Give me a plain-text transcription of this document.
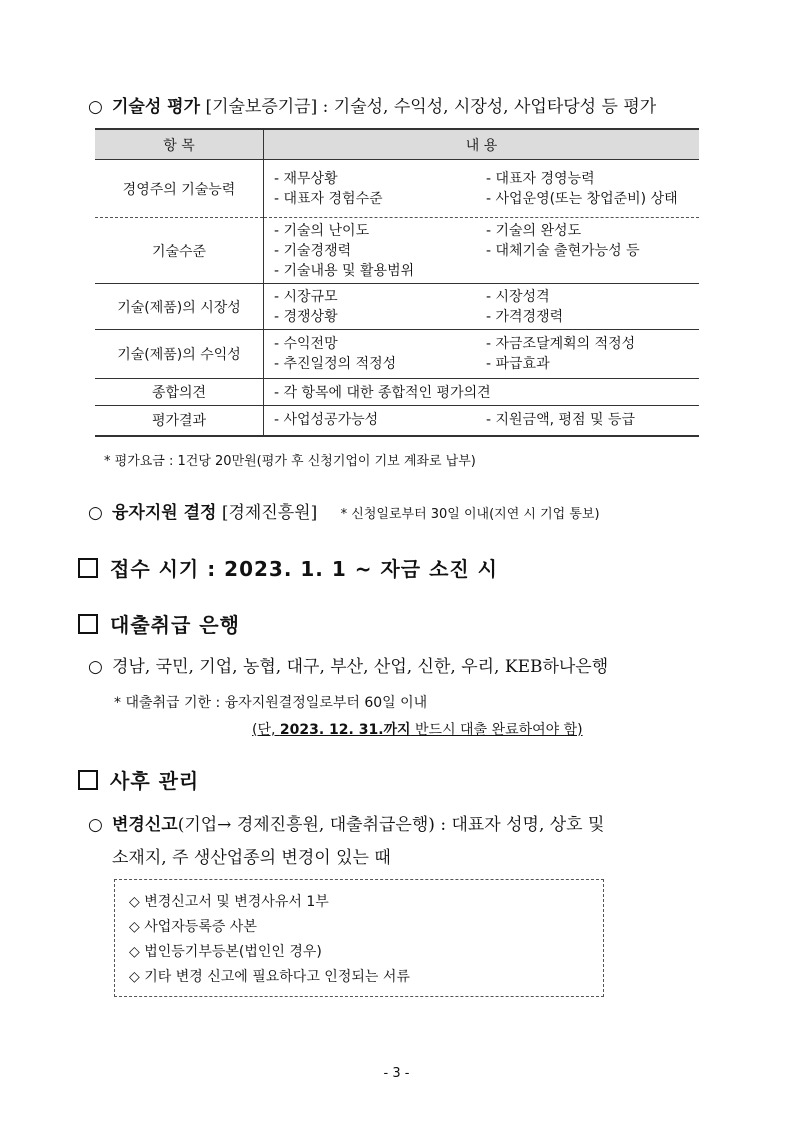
○ 기술성 평가 [기술보증기금] : 기술성, 수익성, 시장성, 사업타당성 등 평가
항 목	내 용
경영주의 기술능력	- 재무상황 - 대표자 경영능력
- 대표자 경험수준 - 사업운영(또는 창업준비) 상태

기술수준	- 기술의 난이도 - 기술의 완성도
- 기술경쟁력 - 대체기술 출현가능성 등
- 기술내용 및 활용범위

기술(제품)의 시장성	- 시장규모 - 시장성격
- 경쟁상황 - 가격경쟁력

기술(제품)의 수익성	- 수익전망 - 자금조달계획의 적정성
- 추진일정의 적정성 - 파급효과

종합의견	- 각 항목에 대한 종합적인 평가의견
평가결과	- 사업성공가능성 - 지원금액, 평점 및 등급
* 평가요금 : 1건당 20만원(평가 후 신청기업이 기보 계좌로 납부)
○ 융자지원 결정 [경제진흥원] * 신청일로부터 30일 이내(지연 시 기업 통보)
접수 시기 : 2023. 1. 1 ~ 자금 소진 시
대출취급 은행
○ 경남, 국민, 기업, 농협, 대구, 부산, 산업, 신한, 우리, KEB하나은행
* 대출취급 기한 : 융자지원결정일로부터 60일 이내
(단, 2023. 12. 31.까지 반드시 대출 완료하여야 함)
사후 관리
○ 변경신고(기업→ 경제진흥원, 대출취급은행) : 대표자 성명, 상호 및
소재지, 주 생산업종의 변경이 있는 때
◇ 변경신고서 및 변경사유서 1부
◇ 사업자등록증 사본
◇ 법인등기부등본(법인인 경우)
◇ 기타 변경 신고에 필요하다고 인정되는 서류
- 3 -
